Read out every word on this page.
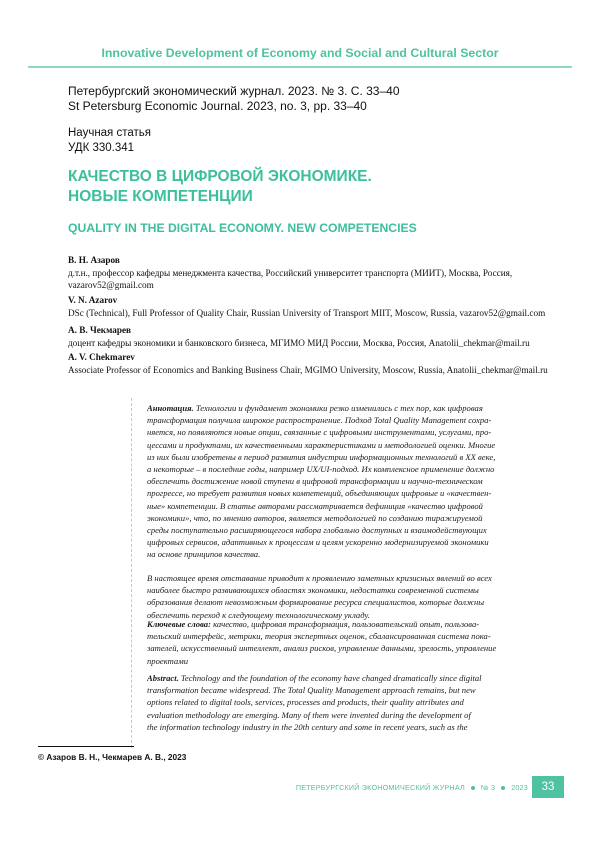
Innovative Development of Economy and Social and Cultural Sector
Петербургский экономический журнал. 2023. № 3. С. 33–40
St Petersburg Economic Journal. 2023, no. 3, pp. 33–40
Научная статья
УДК 330.341
КАЧЕСТВО В ЦИФРОВОЙ ЭКОНОМИКЕ.
НОВЫЕ КОМПЕТЕНЦИИ
QUALITY IN THE DIGITAL ECONOMY. NEW COMPETENCIES
В. Н. Азаров
д.т.н., профессор кафедры менеджмента качества, Российский университет транспорта (МИИТ), Москва, Россия,
vazarov52@gmail.com
V. N. Azarov
DSc (Technical), Full Professor of Quality Chair, Russian University of Transport MIIT, Moscow, Russia, vazarov52@gmail.com
А. В. Чекмарев
доцент кафедры экономики и банковского бизнеса, МГИМО МИД России, Москва, Россия, Anatolii_chekmar@mail.ru
A. V. Chekmarev
Associate Professor of Economics and Banking Business Chair, MGIMO University, Moscow, Russia, Anatolii_chekmar@mail.ru
Аннотация. Технологии и фундамент экономики резко изменились с тех пор, как цифровая
трансформация получила широкое распространение. Подход Total Quality Management сохра-
няется, но появляются новые опции, связанные с цифровыми инструментами, услугами, про-
цессами и продуктами, их качественными характеристиками и методологией оценки. Многие
из них были изобретены в период развития индустрии информационных технологий в XX веке,
а некоторые – в последние годы, например UX/UI-подход. Их комплексное применение должно
обеспечить достижение новой ступени в цифровой трансформации и научно-техническом
прогрессе, но требует развития новых компетенций, объединяющих цифровые и «качествен-
ные» компетенции. В статье авторами рассматривается дефиниция «качество цифровой
экономики», что, по мнению авторов, является методологией по созданию тиражируемой
среды поступательно расширяющегося набора глобально доступных и взаимодействующих
цифровых сервисов, адаптивных к процессам и целям ускоренно модернизируемой экономики
на основе принципов качества.
В настоящее время отставание приводит к проявлению заметных кризисных явлений во всех
наиболее быстро развивающихся областях экономики, недостатки современной системы
образования делают невозможным формирование ресурса специалистов, которые должны
обеспечить переход к следующему технологическому укладу.
Ключевые слова: качество, цифровая трансформация, пользовательский опыт, пользова-
тельский интерфейс, метрики, теория экспертных оценок, сбалансированная система пока-
зателей, искусственный интеллект, анализ рисков, управление данными, зрелость, управление
проектами
Abstract. Technology and the foundation of the economy have changed dramatically since digital
transformation became widespread. The Total Quality Management approach remains, but new
options related to digital tools, services, processes and products, their quality attributes and
evaluation methodology are emerging. Many of them were invented during the development of
the information technology industry in the 20th century and some in recent years, such as the
© Азаров В. Н., Чекмарев А. В., 2023
ПЕТЕРБУРГСКИЙ ЭКОНОМИЧЕСКИЙ ЖУРНАЛ № 3 2023	33
